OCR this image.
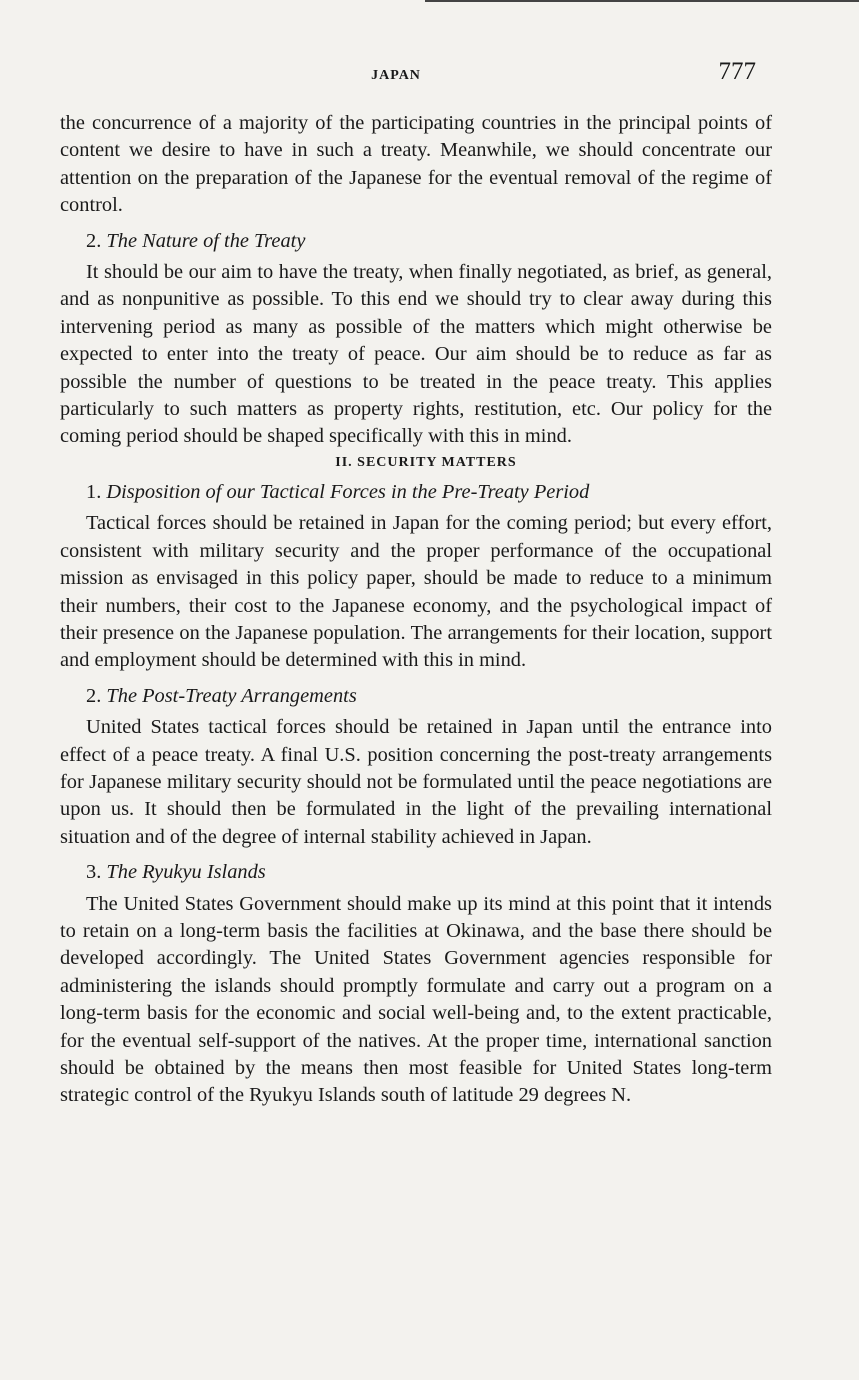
JAPAN	777

the concurrence of a majority of the participating countries in the principal points of content we desire to have in such a treaty. Meanwhile, we should concentrate our attention on the preparation of the Japanese for the eventual removal of the regime of control.

2. The Nature of the Treaty

It should be our aim to have the treaty, when finally negotiated, as brief, as general, and as nonpunitive as possible. To this end we should try to clear away during this intervening period as many as possible of the matters which might otherwise be expected to enter into the treaty of peace. Our aim should be to reduce as far as possible the number of questions to be treated in the peace treaty. This applies particularly to such matters as property rights, restitution, etc. Our policy for the coming period should be shaped specifically with this in mind.

II. SECURITY MATTERS
1. Disposition of our Tactical Forces in the Pre-Treaty Period

Tactical forces should be retained in Japan for the coming period; but every effort, consistent with military security and the proper performance of the occupational mission as envisaged in this policy paper, should be made to reduce to a minimum their numbers, their cost to the Japanese economy, and the psychological impact of their presence on the Japanese population. The arrangements for their location, support and employment should be determined with this in mind.

2. The Post-Treaty Arrangements

United States tactical forces should be retained in Japan until the entrance into effect of a peace treaty. A final U.S. position concerning the post-treaty arrangements for Japanese military security should not be formulated until the peace negotiations are upon us. It should then be formulated in the light of the prevailing international situation and of the degree of internal stability achieved in Japan.

3. The Ryukyu Islands

The United States Government should make up its mind at this point that it intends to retain on a long-term basis the facilities at Okinawa, and the base there should be developed accordingly. The United States Government agencies responsible for administering the islands should promptly formulate and carry out a program on a long-term basis for the economic and social well-being and, to the extent practicable, for the eventual self-support of the natives. At the proper time, international sanction should be obtained by the means then most feasible for United States long-term strategic control of the Ryukyu Islands south of latitude 29 degrees N.
